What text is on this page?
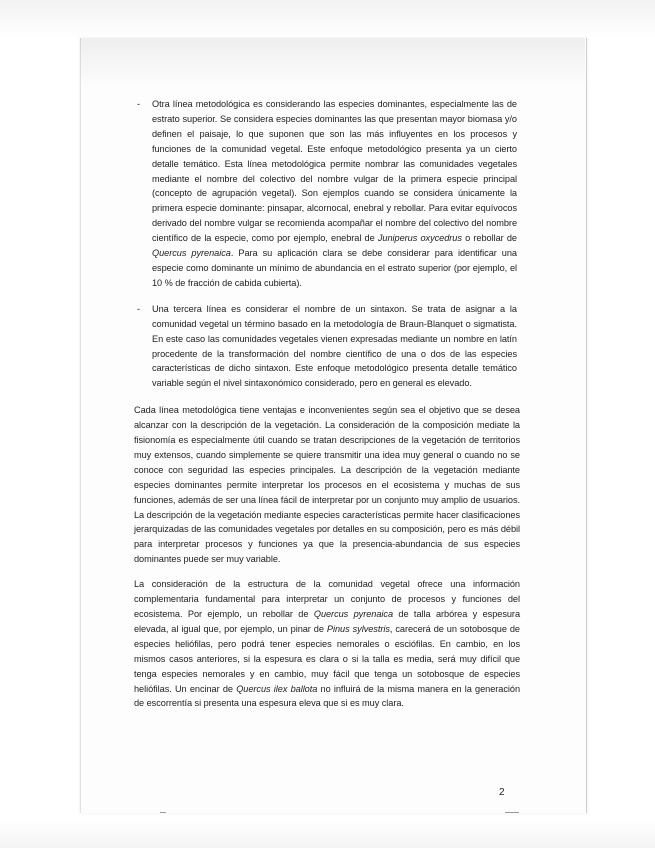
-	Otra línea metodológica es considerando las especies dominantes, especialmente las de estrato superior. Se considera especies dominantes las que presentan mayor biomasa y/o definen el paisaje, lo que suponen que son las más influyentes en los procesos y funciones de la comunidad vegetal. Este enfoque metodológico presenta ya un cierto detalle temático. Esta línea metodológica permite nombrar las comunidades vegetales mediante el nombre del colectivo del nombre vulgar de la primera especie principal (concepto de agrupación vegetal). Son ejemplos cuando se considera únicamente la primera especie dominante: pinsapar, alcornocal, enebral y rebollar. Para evitar equívocos derivado del nombre vulgar se recomienda acompañar el nombre del colectivo del nombre científico de la especie, como por ejemplo, enebral de Juniperus oxycedrus o rebollar de Quercus pyrenaica. Para su aplicación clara se debe considerar para identificar una especie como dominante un mínimo de abundancia en el estrato superior (por ejemplo, el 10 % de fracción de cabida cubierta).

-	Una tercera línea es considerar el nombre de un sintaxon. Se trata de asignar a la comunidad vegetal un término basado en la metodología de Braun-Blanquet o sigmatista. En este caso las comunidades vegetales vienen expresadas mediante un nombre en latín procedente de la transformación del nombre científico de una o dos de las especies características de dicho sintaxon. Este enfoque metodológico presenta detalle temático variable según el nivel sintaxonómico considerado, pero en general es elevado.

Cada línea metodológica tiene ventajas e inconvenientes según sea el objetivo que se desea alcanzar con la descripción de la vegetación. La consideración de la composición mediate la fisionomía es especialmente útil cuando se tratan descripciones de la vegetación de territorios muy extensos, cuando simplemente se quiere transmitir una idea muy general o cuando no se conoce con seguridad las especies principales. La descripción de la vegetación mediante especies dominantes permite interpretar los procesos en el ecosistema y muchas de sus funciones, además de ser una línea fácil de interpretar por un conjunto muy amplio de usuarios. La descripción de la vegetación mediante especies características permite hacer clasificaciones jerarquizadas de las comunidades vegetales por detalles en su composición, pero es más débil para interpretar procesos y funciones ya que la presencia-abundancia de sus especies dominantes puede ser muy variable.

La consideración de la estructura de la comunidad vegetal ofrece una información complementaria fundamental para interpretar un conjunto de procesos y funciones del ecosistema. Por ejemplo, un rebollar de Quercus pyrenaica de talla arbórea y espesura elevada, al igual que, por ejemplo, un pinar de Pinus sylvestris, carecerá de un sotobosque de especies heliófilas, pero podrá tener especies nemorales o esciófilas. En cambio, en los mismos casos anteriores, si la espesura es clara o si la talla es media, será muy difícil que tenga especies nemorales y en cambio, muy fácil que tenga un sotobosque de especies heliófilas. Un encinar de Quercus ilex ballota no influirá de la misma manera en la generación de escorrentía si presenta una espesura eleva que si es muy clara.

2
